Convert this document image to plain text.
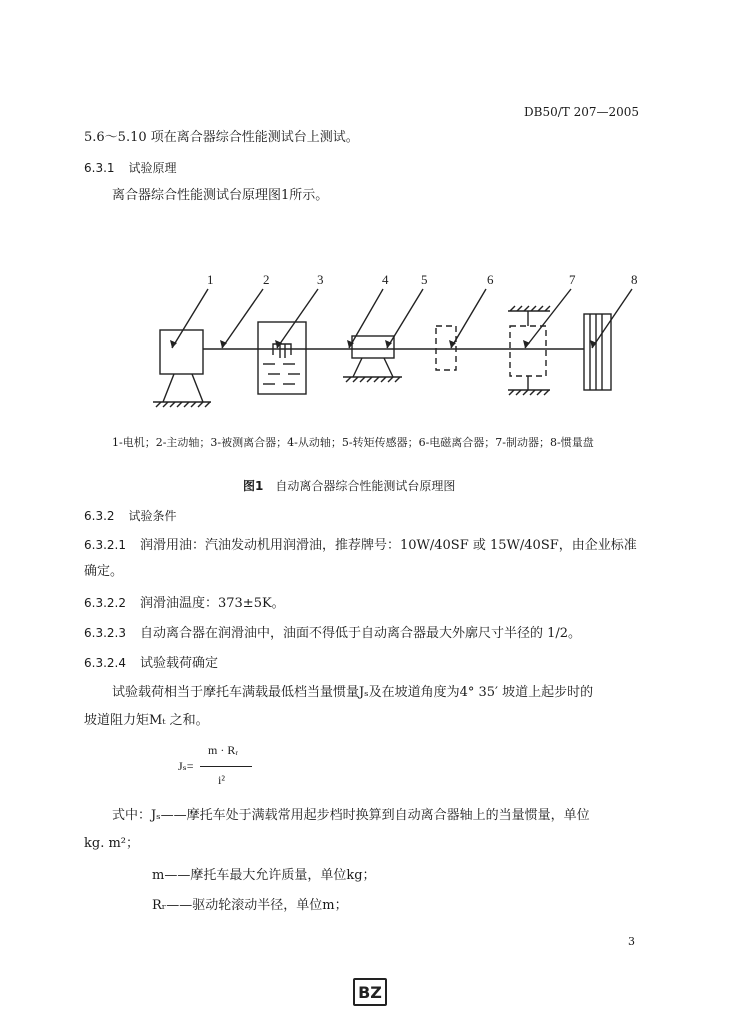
DB50/T 207—2005
5.6～5.10 项在离合器综合性能测试台上测试。
6.3.1 试验原理
离合器综合性能测试台原理图1所示。
1	2	3	4	5	6	7	8
1-电机；2-主动轴；3-被测离合器；4-从动轴；5-转矩传感器；6-电磁离合器；7-制动器；8-惯量盘
图1 自动离合器综合性能测试台原理图
6.3.2 试验条件
6.3.2.1 润滑用油：汽油发动机用润滑油，推荐牌号：10W/40SF 或 15W/40SF，由企业标准
确定。
6.3.2.2 润滑油温度：373±5K。
6.3.2.3 自动离合器在润滑油中，油面不得低于自动离合器最大外廓尺寸半径的 1/2。
6.3.2.4 试验载荷确定
试验载荷相当于摩托车满载最低档当量惯量Jₛ及在坡道角度为4° 35′ 坡道上起步时的
坡道阻力矩Mₜ 之和。
m · Rᵣ
Jₛ=
i²
式中：Jₛ——摩托车处于满载常用起步档时换算到自动离合器轴上的当量惯量，单位
kg. m²；
m——摩托车最大允许质量，单位kg；
Rᵣ——驱动轮滚动半径，单位m；
3
BZ
